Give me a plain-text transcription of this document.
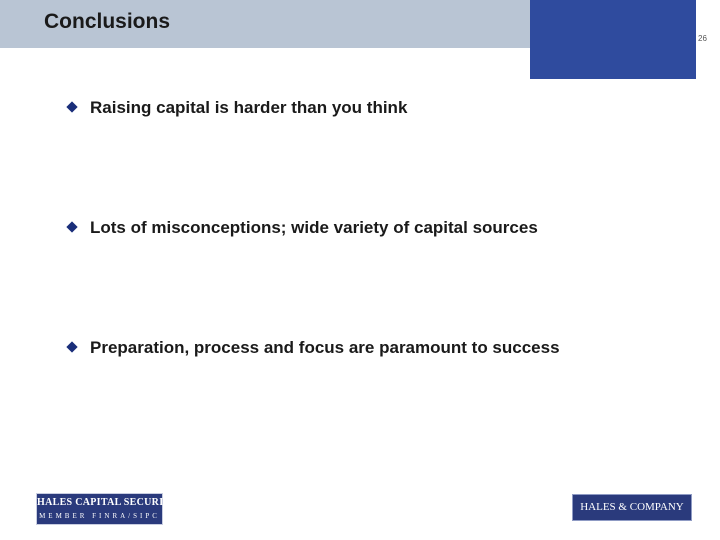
Conclusions
26
Raising capital is harder than you think
Lots of misconceptions; wide variety of capital sources
Preparation, process and focus are paramount to success
HALES CAPITAL SECURITIES
MEMBER FINRA/SIPC
HALES & COMPANY
